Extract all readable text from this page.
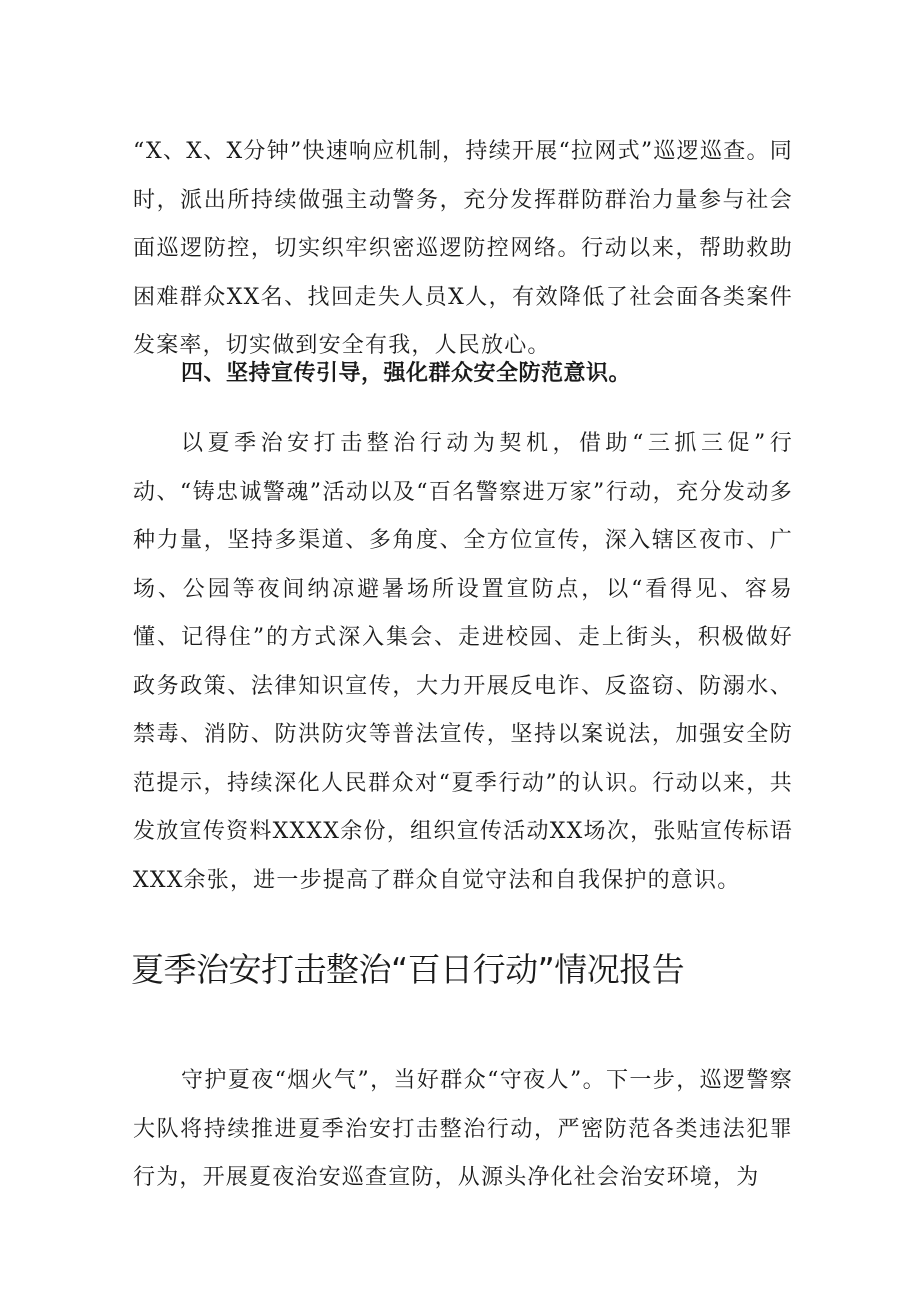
“X、X、X分钟”快速响应机制，持续开展“拉网式”巡逻巡查。同时，派出所持续做强主动警务，充分发挥群防群治力量参与社会面巡逻防控，切实织牢织密巡逻防控网络。行动以来，帮助救助困难群众XX名、找回走失人员X人，有效降低了社会面各类案件发案率，切实做到安全有我，人民放心。

四、坚持宣传引导，强化群众安全防范意识。

以夏季治安打击整治行动为契机，借助“三抓三促”行动、“铸忠诚警魂”活动以及“百名警察进万家”行动，充分发动多种力量，坚持多渠道、多角度、全方位宣传，深入辖区夜市、广场、公园等夜间纳凉避暑场所设置宣防点，以“看得见、容易懂、记得住”的方式深入集会、走进校园、走上街头，积极做好政务政策、法律知识宣传，大力开展反电诈、反盗窃、防溺水、禁毒、消防、防洪防灾等普法宣传，坚持以案说法，加强安全防范提示，持续深化人民群众对“夏季行动”的认识。行动以来，共发放宣传资料XXXX余份，组织宣传活动XX场次，张贴宣传标语XXX余张，进一步提高了群众自觉守法和自我保护的意识。

夏季治安打击整治“百日行动”情况报告

守护夏夜“烟火气”，当好群众“守夜人”。下一步，巡逻警察大队将持续推进夏季治安打击整治行动，严密防范各类违法犯罪行为，开展夏夜治安巡查宣防，从源头净化社会治安环境，为
